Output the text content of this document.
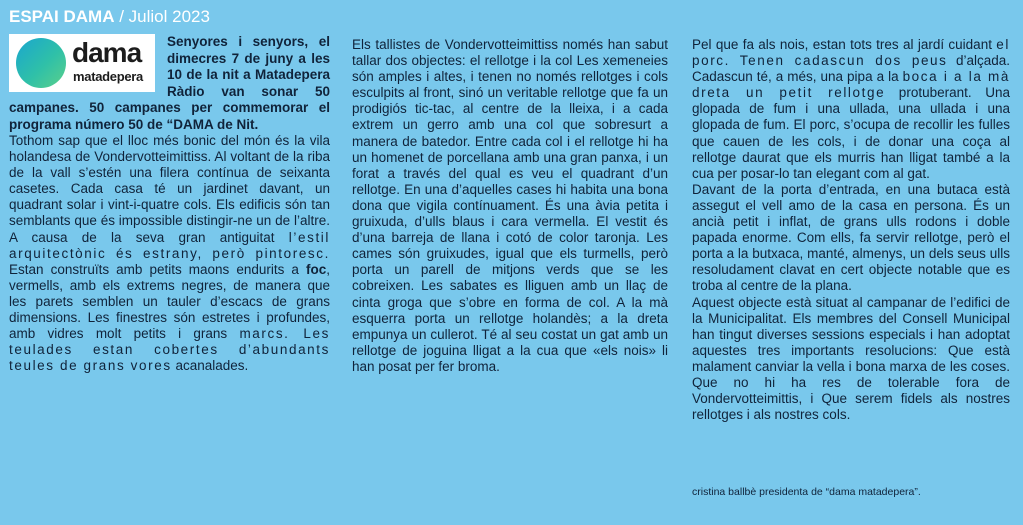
ESPAI DAMA / Juliol 2023
dama
matadepera

Senyores i senyors, el dimecres 7 de juny a les 10 de la nit a Matadepera Ràdio van sonar 50 campanes. 50 campanes per commemorar el programa número 50 de “DAMA de Nit.

Tothom sap que el lloc més bonic del món és la vila holandesa de Vondervotteimittiss. Al voltant de la riba de la vall s’estén una filera contínua de seixanta casetes. Cada casa té un jardinet davant, un quadrant solar i vint-i-quatre cols. Els edificis són tan semblants que és impossible distingir-ne un de l’altre. A causa de la seva gran antiguitat l’estil arquitectònic és estrany, però pintoresc. Estan construïts amb petits maons endurits a foc, vermells, amb els extrems negres, de manera que les parets semblen un tauler d’escacs de grans dimensions. Les finestres són estretes i profundes, amb vidres molt petits i grans marcs. Les teulades estan cobertes d’abundants teules de grans vores acanalades.

Els tallistes de Vondervotteimittiss només han sabut tallar dos objectes: el rellotge i la col Les xemeneies són amples i altes, i tenen no només rellotges i cols esculpits al front, sinó un veritable rellotge que fa un prodigiós tic-tac, al centre de la lleixa, i a cada extrem un gerro amb una col que sobresurt a manera de batedor. Entre cada col i el rellotge hi ha un homenet de porcellana amb una gran panxa, i un forat a través del qual es veu el quadrant d’un rellotge. En una d’aquelles cases hi habita una bona dona que vigila contínuament. És una àvia petita i gruixuda, d’ulls blaus i cara vermella. El vestit és d’una barreja de llana i cotó de color taronja. Les cames són gruixudes, igual que els turmells, però porta un parell de mitjons verds que se les cobreixen. Les sabates es lliguen amb un llaç de cinta groga que s’obre en forma de col. A la mà esquerra porta un rellotge holandès; a la dreta empunya un cullerot. Té al seu costat un gat amb un rellotge de joguina lligat a la cua que «els nois» li han posat per fer broma.

Pel que fa als nois, estan tots tres al jardí cuidant el porc. Tenen cadascun dos peus d’alçada. Cadascun té, a més, una pipa a la boca i a la mà dreta un petit rellotge protuberant. Una glopada de fum i una ullada, una ullada i una glopada de fum. El porc, s’ocupa de recollir les fulles que cauen de les cols, i de donar una coça al rellotge daurat que els murris han lligat també a la cua per posar-lo tan elegant com al gat.

Davant de la porta d’entrada, en una butaca està assegut el vell amo de la casa en persona. És un ancià petit i inflat, de grans ulls rodons i doble papada enorme. Com ells, fa servir rellotge, però el porta a la butxaca, manté, almenys, un dels seus ulls resoludament clavat en cert objecte notable que es troba al centre de la plana.

Aquest objecte està situat al campanar de l’edifici de la Municipalitat. Els membres del Consell Municipal han tingut diverses sessions especials i han adoptat aquestes tres importants resolucions: Que està malament canviar la vella i bona marxa de les coses. Que no hi ha res de tolerable fora de Vondervotteimittis, i Que serem fidels als nostres rellotges i als nostres cols.

cristina ballbè presidenta de “dama matadepera”.
